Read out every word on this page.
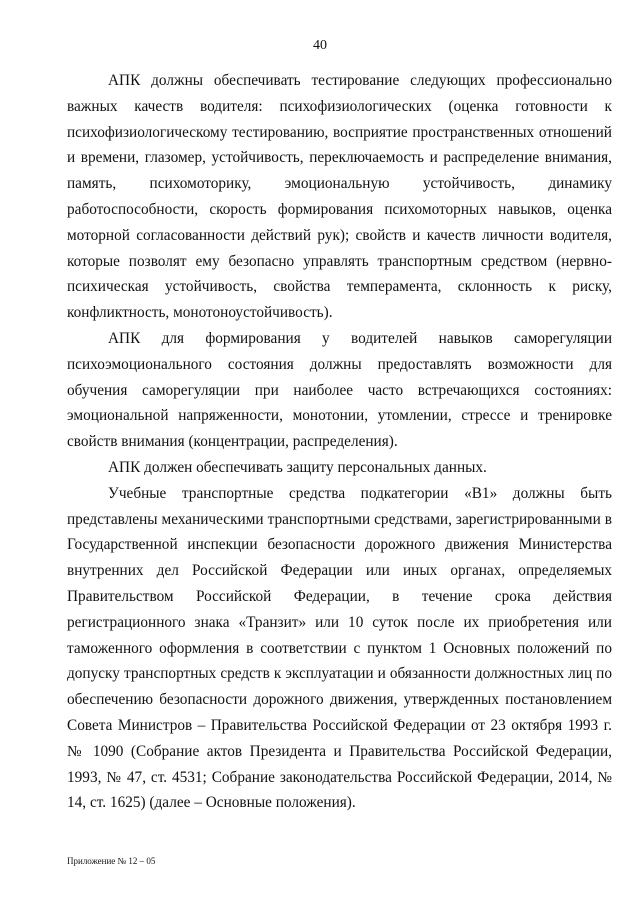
40

АПК должны обеспечивать тестирование следующих профессионально важных качеств водителя: психофизиологических (оценка готовности к психофизиологическому тестированию, восприятие пространственных отношений и времени, глазомер, устойчивость, переключаемость и распределение внимания, память, психомоторику, эмоциональную устойчивость, динамику работоспособности, скорость формирования психомоторных навыков, оценка моторной согласованности действий рук); свойств и качеств личности водителя, которые позволят ему безопасно управлять транспортным средством (нервно-психическая устойчивость, свойства темперамента, склонность к риску, конфликтность, монотоноустойчивость).

АПК для формирования у водителей навыков саморегуляции психоэмоционального состояния должны предоставлять возможности для обучения саморегуляции при наиболее часто встречающихся состояниях: эмоциональной напряженности, монотонии, утомлении, стрессе и тренировке свойств внимания (концентрации, распределения).

АПК должен обеспечивать защиту персональных данных.

Учебные транспортные средства подкатегории «В1» должны быть представлены механическими транспортными средствами, зарегистрированными в Государственной инспекции безопасности дорожного движения Министерства внутренних дел Российской Федерации или иных органах, определяемых Правительством Российской Федерации, в течение срока действия регистрационного знака «Транзит» или 10 суток после их приобретения или таможенного оформления в соответствии с пунктом 1 Основных положений по допуску транспортных средств к эксплуатации и обязанности должностных лиц по обеспечению безопасности дорожного движения, утвержденных постановлением Совета Министров – Правительства Российской Федерации от 23 октября 1993 г. № 1090 (Собрание актов Президента и Правительства Российской Федерации, 1993, № 47, ст. 4531; Собрание законодательства Российской Федерации, 2014, № 14, ст. 1625) (далее – Основные положения).

Приложение № 12 – 05
